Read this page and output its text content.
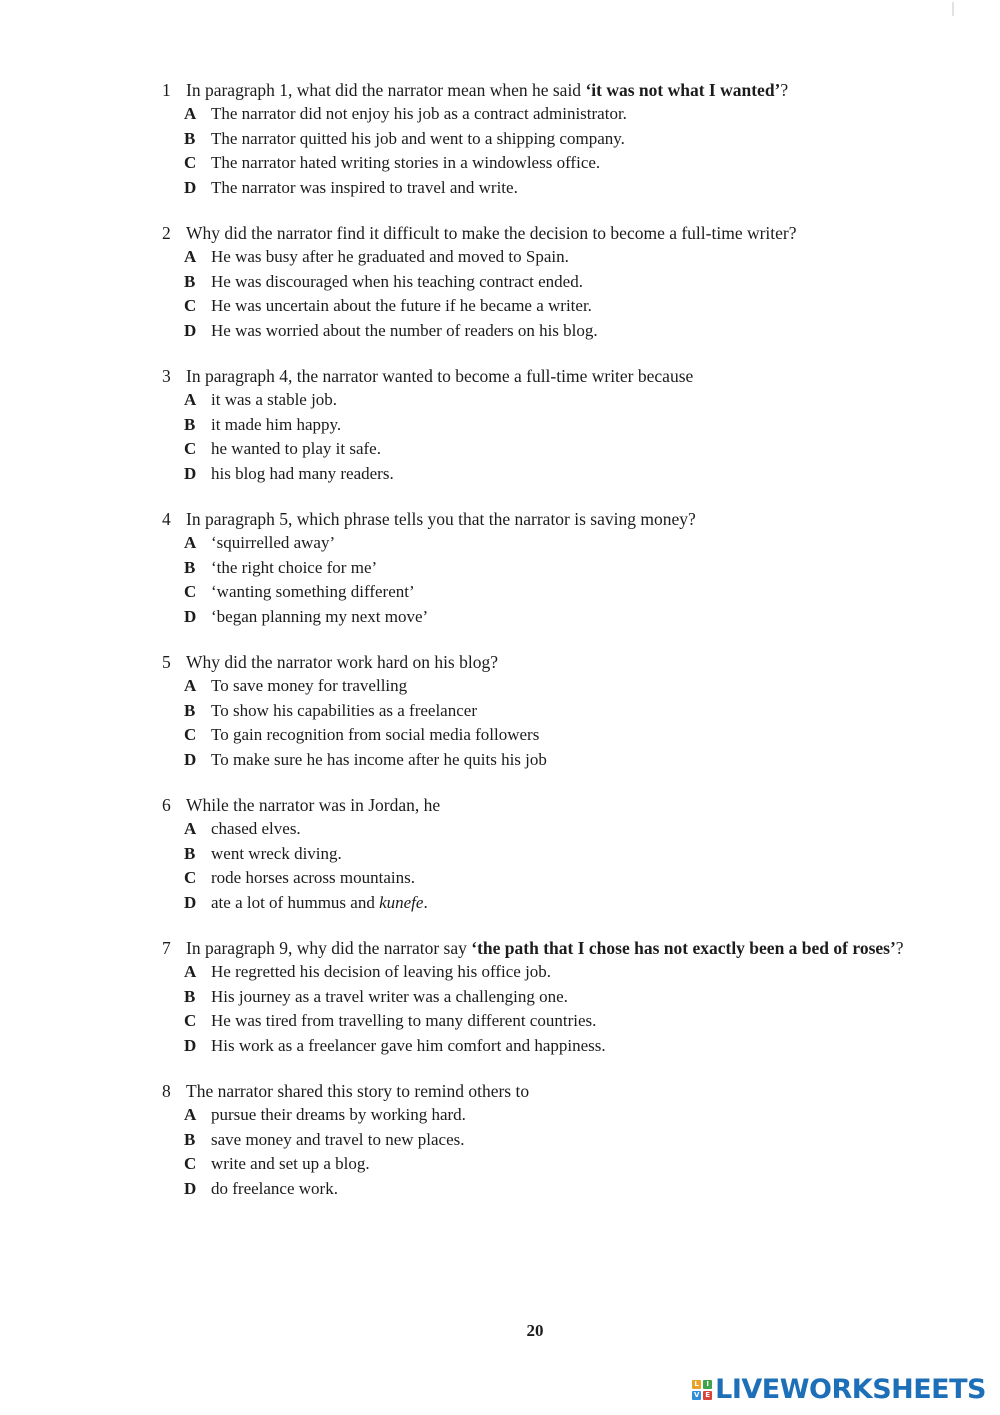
1 In paragraph 1, what did the narrator mean when he said ‘it was not what I wanted’?
A The narrator did not enjoy his job as a contract administrator.
B The narrator quitted his job and went to a shipping company.
C The narrator hated writing stories in a windowless office.
D The narrator was inspired to travel and write.
2 Why did the narrator find it difficult to make the decision to become a full-time writer?
A He was busy after he graduated and moved to Spain.
B He was discouraged when his teaching contract ended.
C He was uncertain about the future if he became a writer.
D He was worried about the number of readers on his blog.
3 In paragraph 4, the narrator wanted to become a full-time writer because
A it was a stable job.
B it made him happy.
C he wanted to play it safe.
D his blog had many readers.
4 In paragraph 5, which phrase tells you that the narrator is saving money?
A ‘squirrelled away’
B ‘the right choice for me’
C ‘wanting something different’
D ‘began planning my next move’
5 Why did the narrator work hard on his blog?
A To save money for travelling
B To show his capabilities as a freelancer
C To gain recognition from social media followers
D To make sure he has income after he quits his job
6 While the narrator was in Jordan, he
A chased elves.
B went wreck diving.
C rode horses across mountains.
D ate a lot of hummus and kunefe.
7 In paragraph 9, why did the narrator say ‘the path that I chose has not exactly been a bed of roses’?
A He regretted his decision of leaving his office job.
B His journey as a travel writer was a challenging one.
C He was tired from travelling to many different countries.
D His work as a freelancer gave him comfort and happiness.
8 The narrator shared this story to remind others to
A pursue their dreams by working hard.
B save money and travel to new places.
C write and set up a blog.
D do freelance work.
20
L	I
V E LIVEWORKSHEETS
